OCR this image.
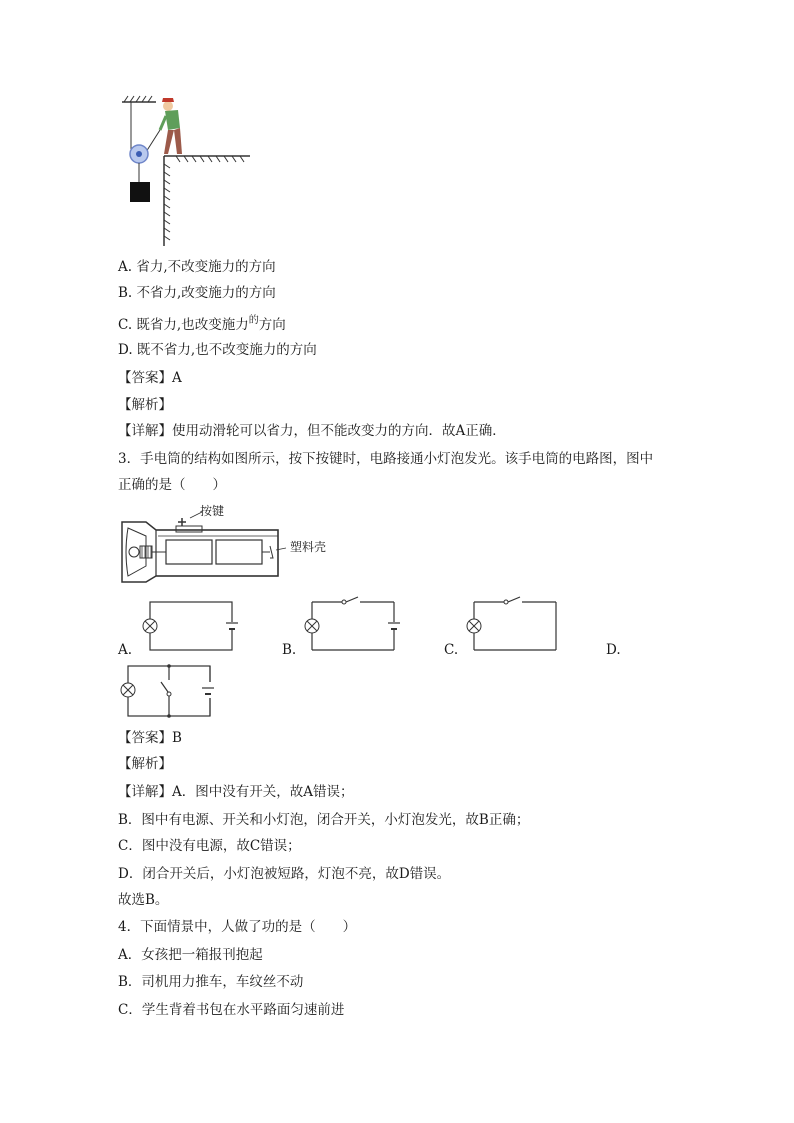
A. 省力,不改变施力的方向
B. 不省力,改变施力的方向
C. 既省力,也改变施力$^的$方向
D. 既不省力,也不改变施力的方向
【答案】A
【解析】
【详解】使用动滑轮可以省力，但不能改变力的方向．故A正确．
3．手电筒的结构如图所示，按下按键时，电路接通小灯泡发光。该手电筒的电路图，图中
正确的是（　　）
按键
塑料壳
A.	B.	C.	D.
【答案】B
【解析】
【详解】A．图中没有开关，故A错误；
B．图中有电源、开关和小灯泡，闭合开关，小灯泡发光，故B正确；
C．图中没有电源，故C错误；
D．闭合开关后，小灯泡被短路，灯泡不亮，故D错误。
故选B。
4．下面情景中，人做了功的是（　　）
A．女孩把一箱报刊抱起
B．司机用力推车，车纹丝不动
C．学生背着书包在水平路面匀速前进
